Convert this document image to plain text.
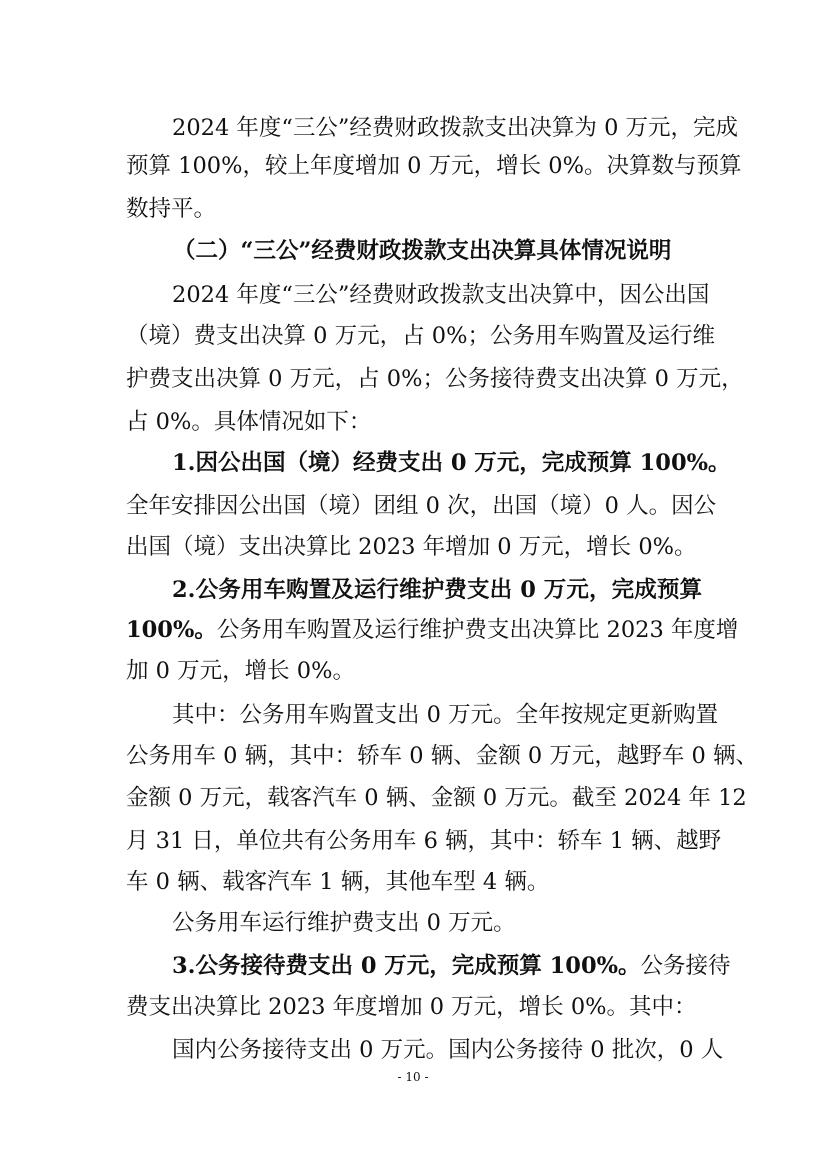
2024 年度“三公”经费财政拨款支出决算为 0 万元，完成
预算 100%，较上年度增加 0 万元，增长 0%。决算数与预算
数持平。
（二）“三公”经费财政拨款支出决算具体情况说明
2024 年度“三公”经费财政拨款支出决算中，因公出国
（境）费支出决算 0 万元，占 0%；公务用车购置及运行维
护费支出决算 0 万元，占 0%；公务接待费支出决算 0 万元，
占 0%。具体情况如下：
1.因公出国（境）经费支出 0 万元，完成预算 100%。
全年安排因公出国（境）团组 0 次，出国（境）0 人。因公
出国（境）支出决算比 2023 年增加 0 万元，增长 0%。
2.公务用车购置及运行维护费支出 0 万元，完成预算
100%。公务用车购置及运行维护费支出决算比 2023 年度增
加 0 万元，增长 0%。
其中：公务用车购置支出 0 万元。全年按规定更新购置
公务用车 0 辆，其中：轿车 0 辆、金额 0 万元，越野车 0 辆、
金额 0 万元，载客汽车 0 辆、金额 0 万元。截至 2024 年 12
月 31 日，单位共有公务用车 6 辆，其中：轿车 1 辆、越野
车 0 辆、载客汽车 1 辆，其他车型 4 辆。
公务用车运行维护费支出 0 万元。
3.公务接待费支出 0 万元，完成预算 100%。公务接待
费支出决算比 2023 年度增加 0 万元，增长 0%。其中：
国内公务接待支出 0 万元。国内公务接待 0 批次，0 人
- 10 -
